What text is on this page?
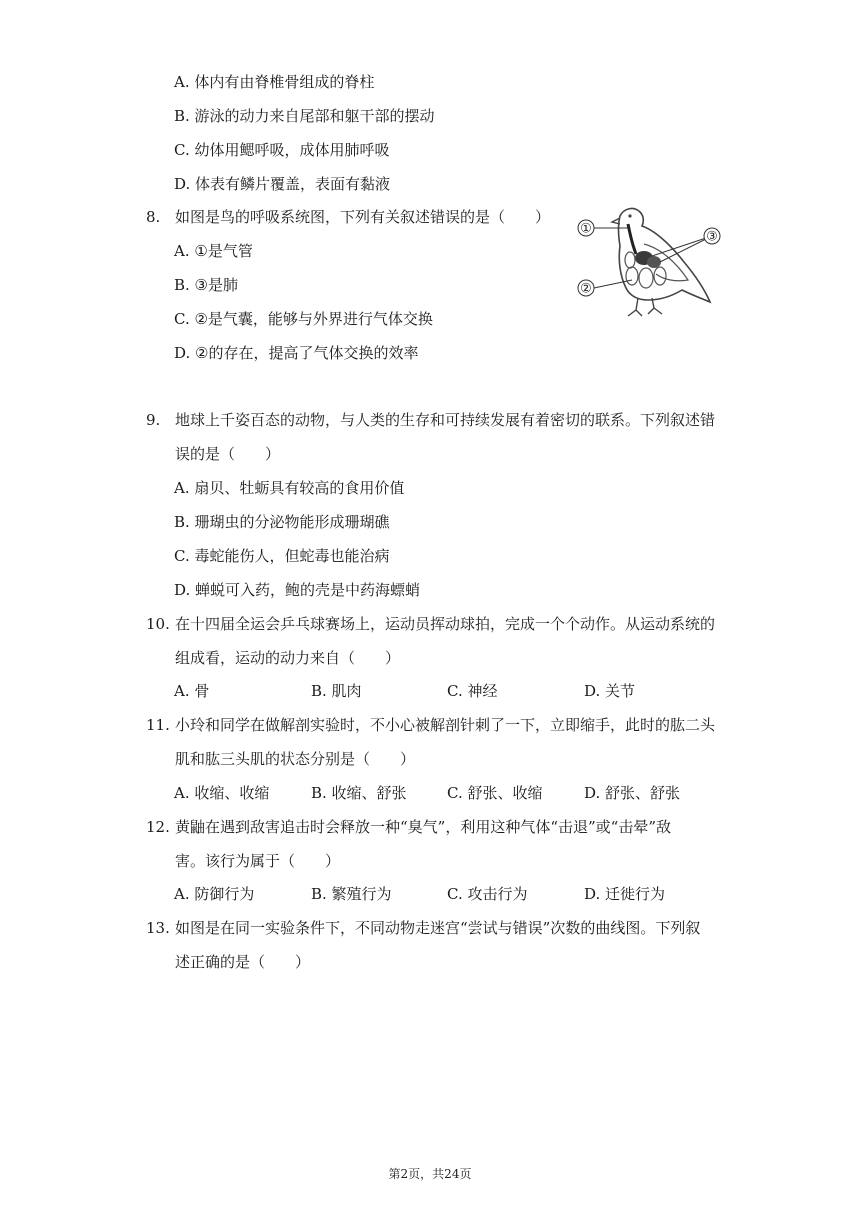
A. 体内有由脊椎骨组成的脊柱
B. 游泳的动力来自尾部和躯干部的摆动
C. 幼体用鳃呼吸，成体用肺呼吸
D. 体表有鳞片覆盖，表面有黏液
8. 如图是鸟的呼吸系统图，下列有关叙述错误的是（　　）
A. ①是气管
B. ③是肺
C. ②是气囊，能够与外界进行气体交换
D. ②的存在，提高了气体交换的效率
①
②
③
9. 地球上千姿百态的动物，与人类的生存和可持续发展有着密切的联系。下列叙述错
误的是（　　）
A. 扇贝、牡蛎具有较高的食用价值
B. 珊瑚虫的分泌物能形成珊瑚礁
C. 毒蛇能伤人，但蛇毒也能治病
D. 蝉蜕可入药，鲍的壳是中药海螵蛸
10. 在十四届全运会乒乓球赛场上，运动员挥动球拍，完成一个个动作。从运动系统的
组成看，运动的动力来自（　　）
A. 骨	B. 肌肉	C. 神经	D. 关节
11. 小玲和同学在做解剖实验时，不小心被解剖针刺了一下，立即缩手，此时的肱二头
肌和肱三头肌的状态分别是（　　）
A. 收缩、收缩	B. 收缩、舒张	C. 舒张、收缩	D. 舒张、舒张
12. 黄鼬在遇到敌害追击时会释放一种“臭气”，利用这种气体“击退”或“击晕”敌
害。该行为属于（　　）
A. 防御行为	B. 繁殖行为	C. 攻击行为	D. 迁徙行为
13. 如图是在同一实验条件下，不同动物走迷宫“尝试与错误”次数的曲线图。下列叙
述正确的是（　　）
第2页，共24页
